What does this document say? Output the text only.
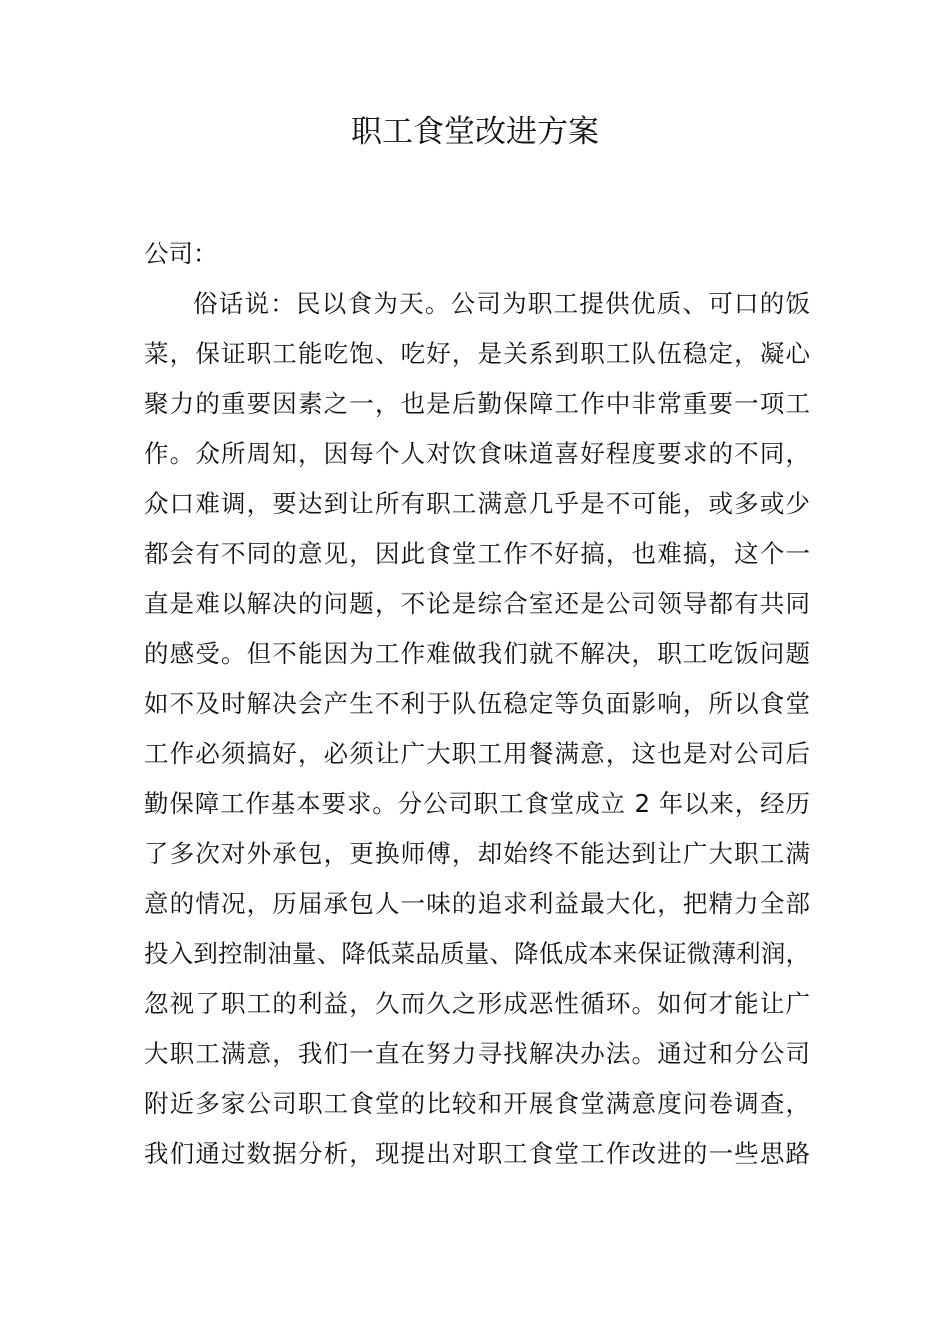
职工食堂改进方案

公司：

俗话说：民以食为天。公司为职工提供优质、可口的饭
菜，保证职工能吃饱、吃好，是关系到职工队伍稳定，凝心
聚力的重要因素之一，也是后勤保障工作中非常重要一项工
作。众所周知，因每个人对饮食味道喜好程度要求的不同，
众口难调，要达到让所有职工满意几乎是不可能，或多或少
都会有不同的意见，因此食堂工作不好搞，也难搞，这个一
直是难以解决的问题，不论是综合室还是公司领导都有共同
的感受。但不能因为工作难做我们就不解决，职工吃饭问题
如不及时解决会产生不利于队伍稳定等负面影响，所以食堂
工作必须搞好，必须让广大职工用餐满意，这也是对公司后
勤保障工作基本要求。分公司职工食堂成立 2 年以来，经历
了多次对外承包，更换师傅，却始终不能达到让广大职工满
意的情况，历届承包人一味的追求利益最大化，把精力全部
投入到控制油量、降低菜品质量、降低成本来保证微薄利润，
忽视了职工的利益，久而久之形成恶性循环。如何才能让广
大职工满意，我们一直在努力寻找解决办法。通过和分公司
附近多家公司职工食堂的比较和开展食堂满意度问卷调查，
我们通过数据分析，现提出对职工食堂工作改进的一些思路
